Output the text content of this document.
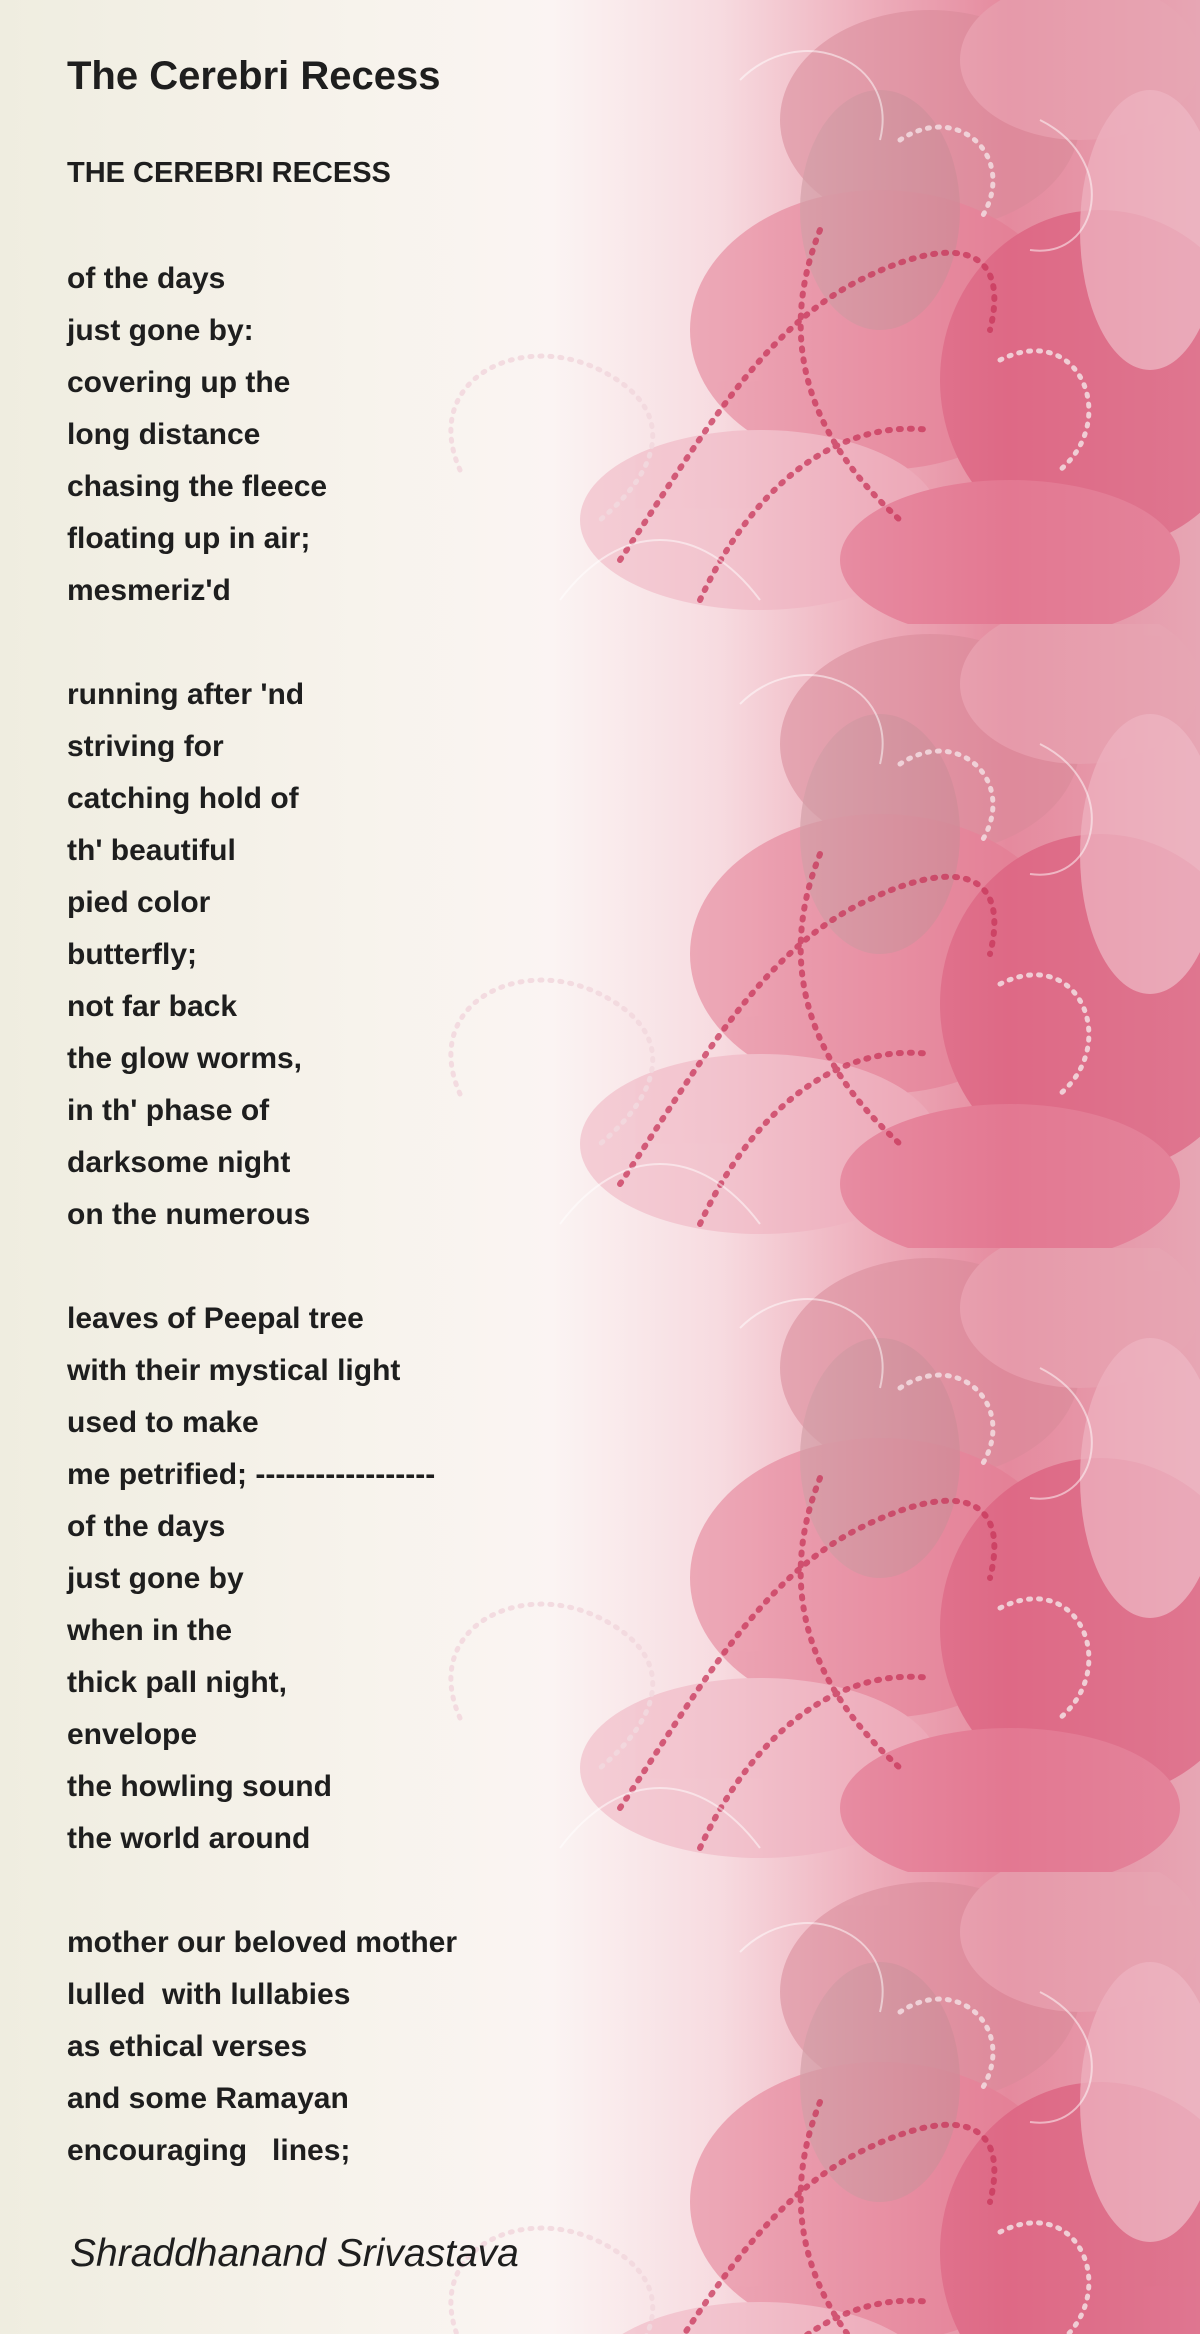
The Cerebri Recess
THE CEREBRI RECESS
of the days
just gone by:
covering up the
long distance
chasing the fleece
floating up in air;
mesmeriz'd
running after 'nd
striving for
catching hold of
th' beautiful
pied color
butterfly;
not far back
the glow worms,
in th' phase of
darksome night
on the numerous
leaves of Peepal tree
with their mystical light
used to make
me petrified; ------------------
of the days
just gone by
when in the
thick pall night,
envelope
the howling sound
the world around
mother our beloved mother
lulled  with lullabies
as ethical verses
and some Ramayan
encouraging   lines;
Shraddhanand Srivastava
